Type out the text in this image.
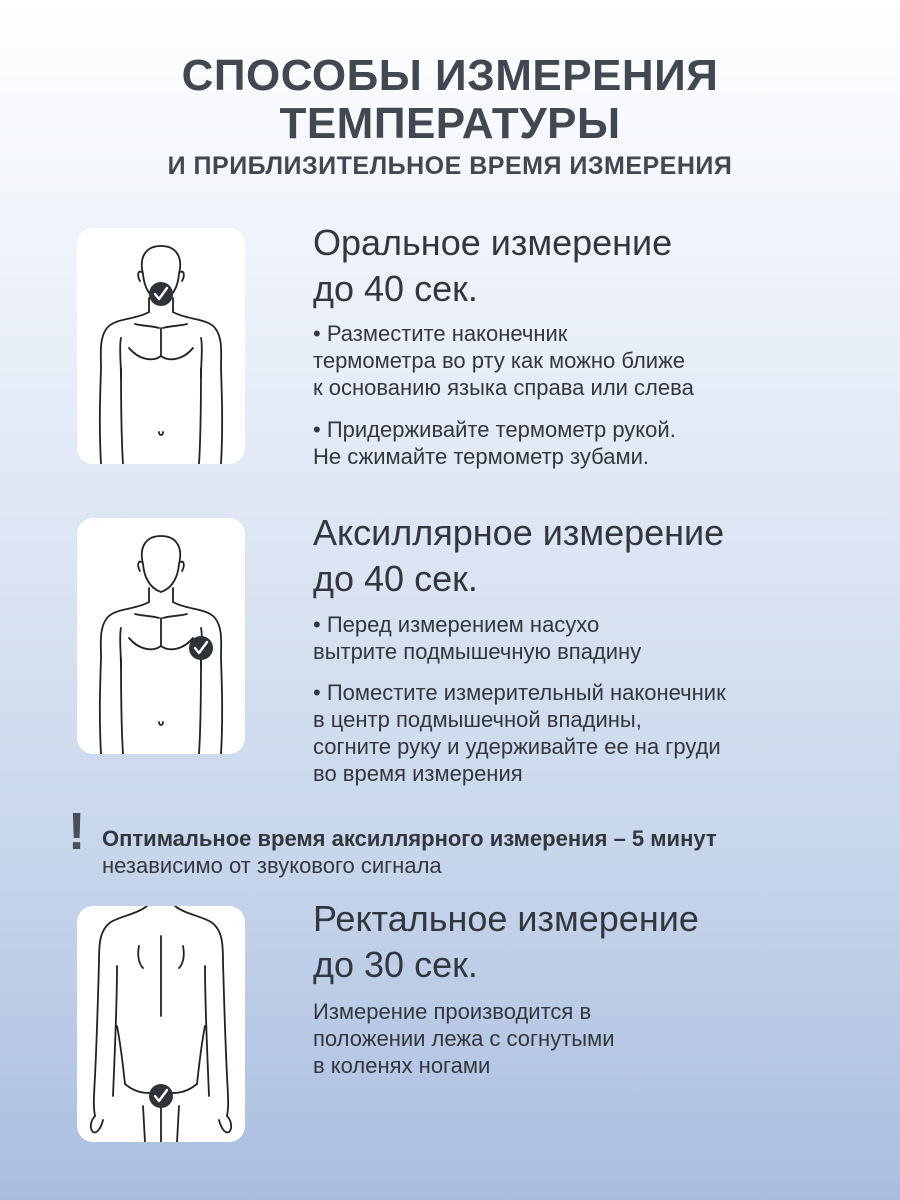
СПОСОБЫ ИЗМЕРЕНИЯ
ТЕМПЕРАТУРЫ
И ПРИБЛИЗИТЕЛЬНОЕ ВРЕМЯ ИЗМЕРЕНИЯ

Оральное измерение

до 40 сек.

• Разместите наконечник

термометра во рту как можно ближе

к основанию языка справа или слева

• Придерживайте термометр рукой.

Не сжимайте термометр зубами.

Аксиллярное измерение

до 40 сек.

• Перед измерением насухо

вытрите подмышечную впадину

• Поместите измерительный наконечник

в центр подмышечной впадины,

согните руку и удерживайте ее на груди

во время измерения

! Оптимальное время аксиллярного измерения – 5 минут

независимо от звукового сигнала

Ректальное измерение

до 30 сек.

Измерение производится в

положении лежа с согнутыми

в коленях ногами
